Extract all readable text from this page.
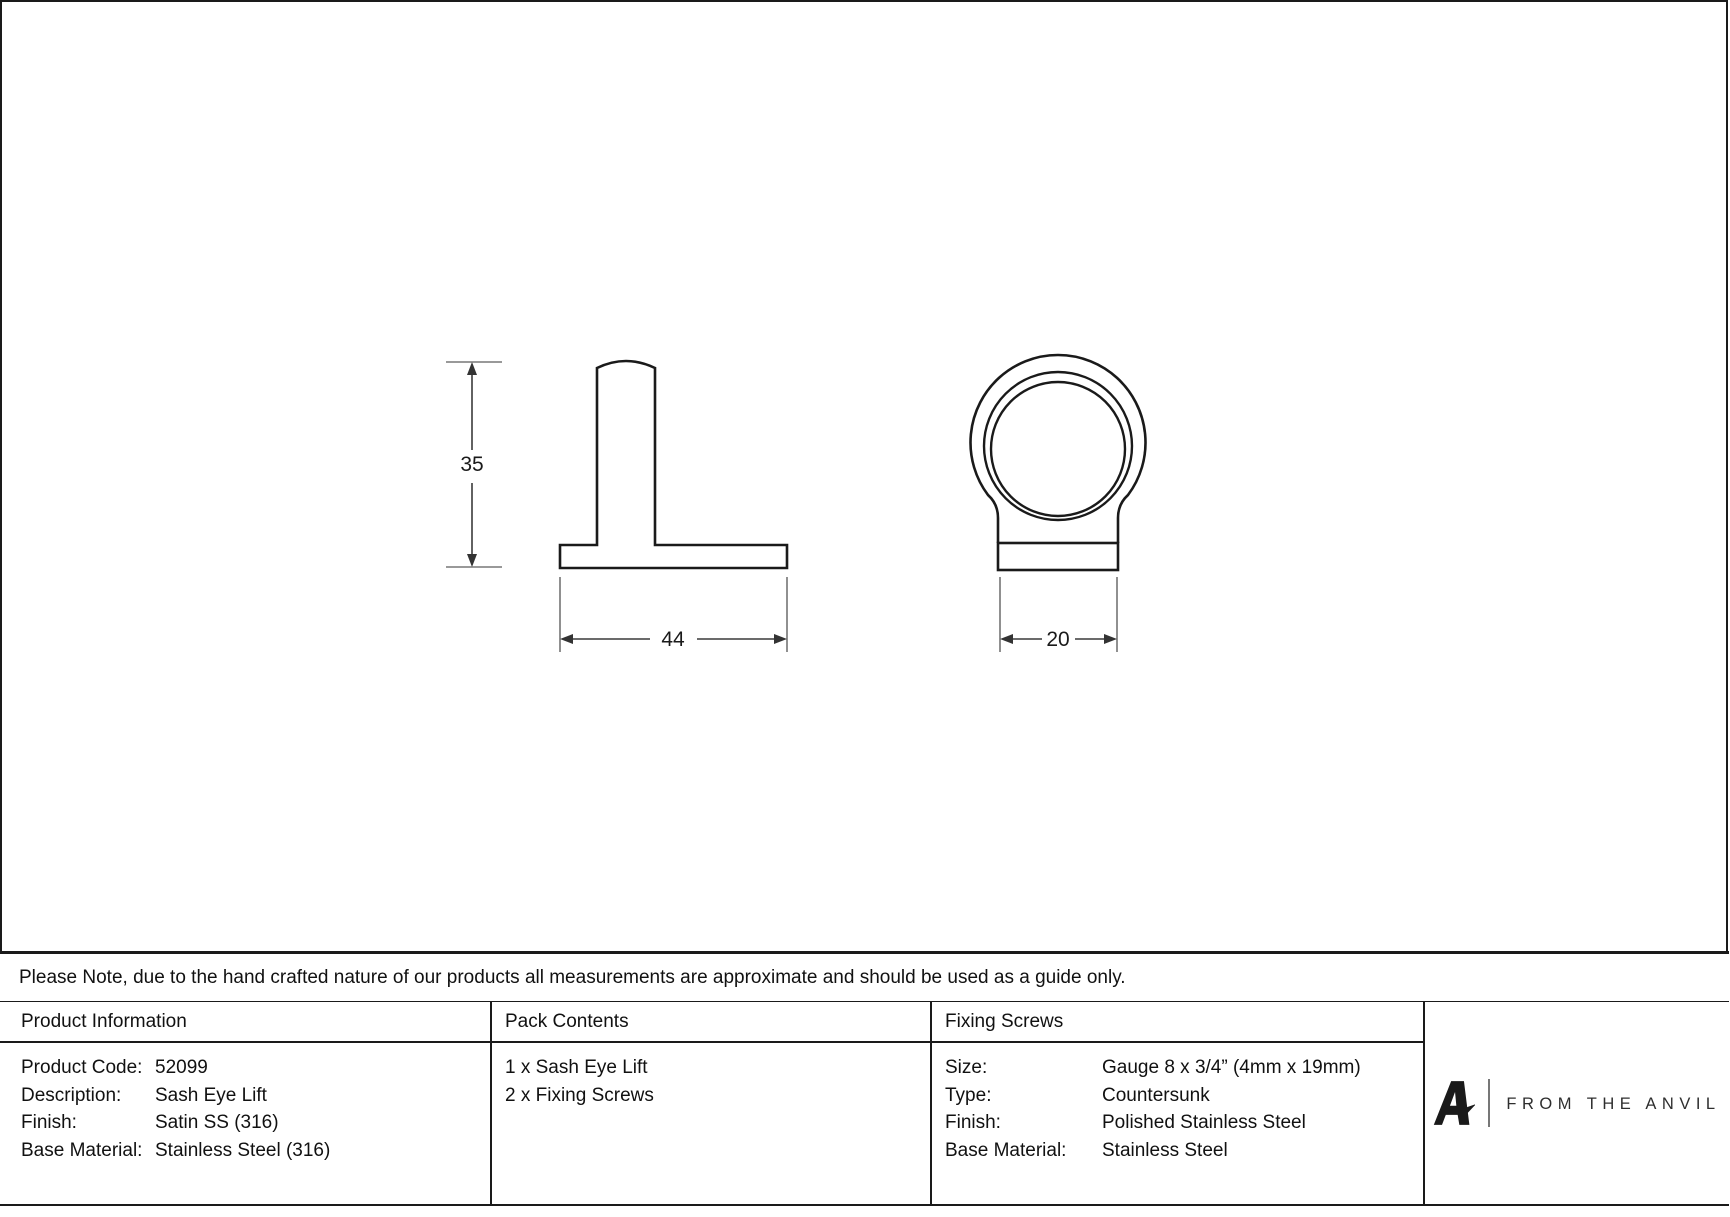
35
44	20
Please Note, due to the hand crafted nature of our products all measurements are approximate and should be used as a guide only.
Product Information
Product Code: 52099
Description: Sash Eye Lift
Finish:	Satin SS (316)
Base Material: Stainless Steel (316)
Pack Contents
1 x Sash Eye Lift
2 x Fixing Screws
Fixing Screws
Size:	Gauge 8 x 3/4” (4mm x 19mm)
Type:	Countersunk
Finish:	Polished Stainless Steel
Base Material: Stainless Steel
FROM THE ANVIL
